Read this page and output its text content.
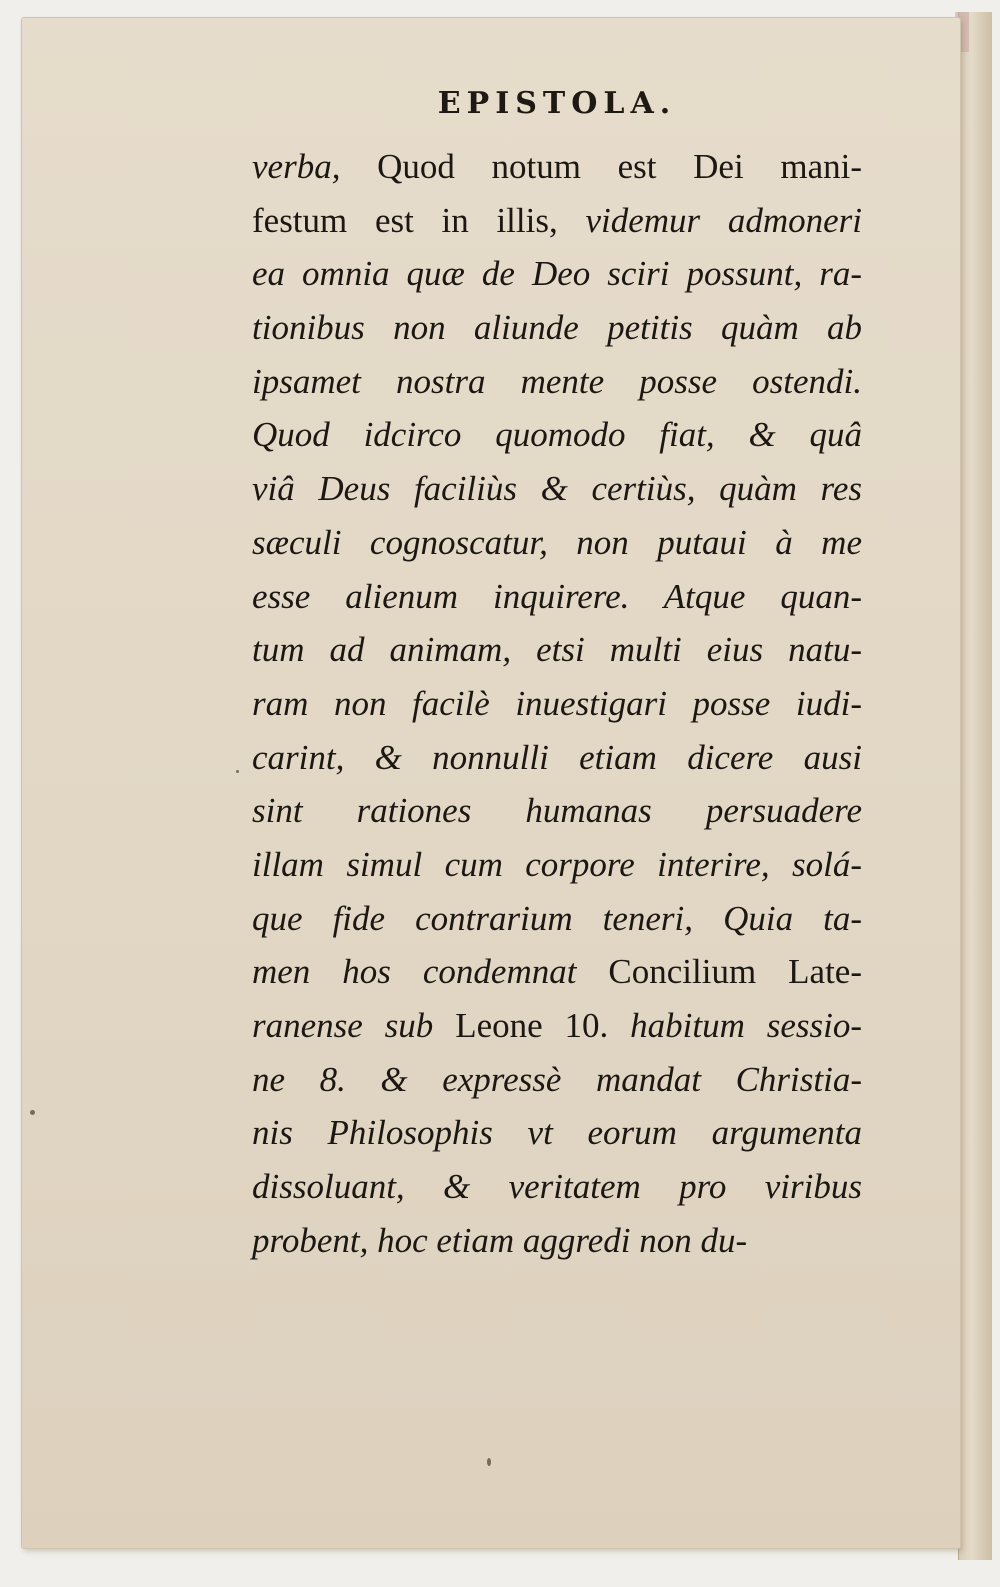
EPISTOLA.
verba, Quod notum est Dei mani-
festum est in illis, videmur admoneri
ea omnia quæ de Deo sciri possunt, ra-
tionibus non aliunde petitis quàm ab
ipsamet nostra mente posse ostendi.
Quod idcirco quomodo fiat, & quâ
viâ Deus faciliùs & certiùs, quàm res
sæculi cognoscatur, non putaui à me
esse alienum inquirere. Atque quan-
tum ad animam, etsi multi eius natu-
ram non facilè inuestigari posse iudi-
carint, & nonnulli etiam dicere ausi
sint rationes humanas persuadere
illam simul cum corpore interire, solá-
que fide contrarium teneri, Quia ta-
men hos condemnat Concilium Late-
ranense sub Leone 10. habitum sessio-
ne 8. & expressè mandat Christia-
nis Philosophis vt eorum argumenta
dissoluant, & veritatem pro viribus
probent, hoc etiam aggredi non du-
